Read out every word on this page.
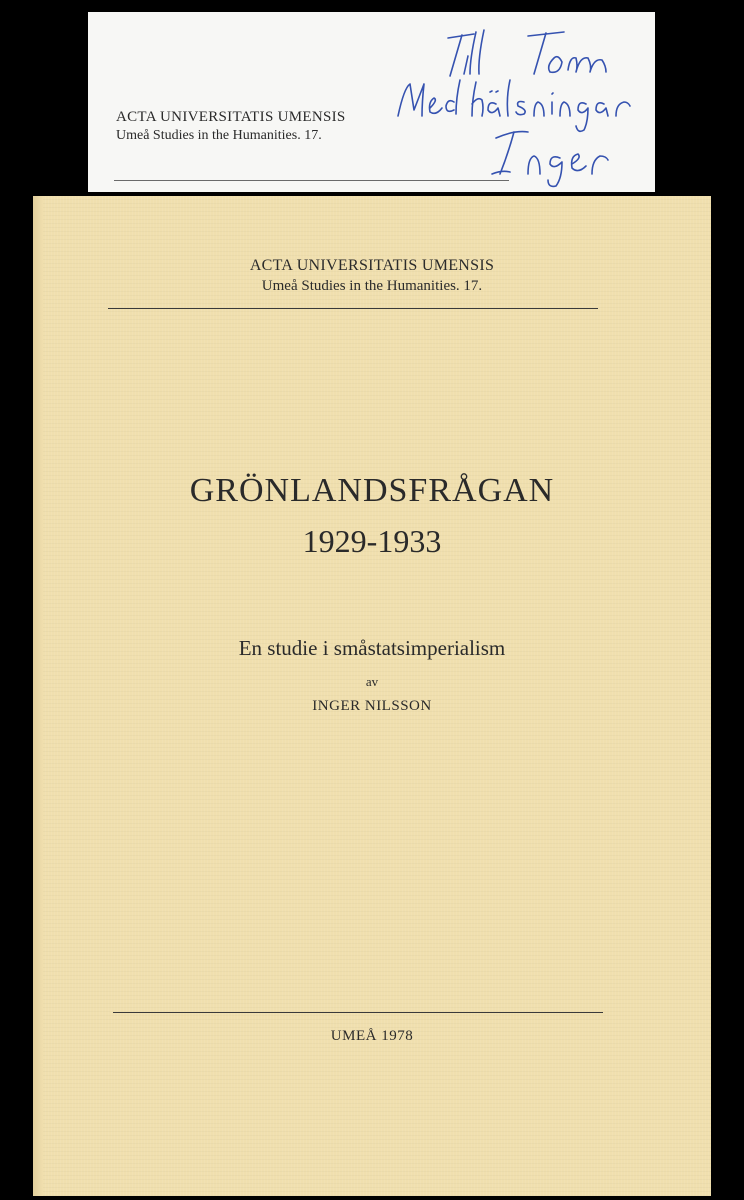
ACTA UNIVERSITATIS UMENSIS
Umeå Studies in the Humanities. 17.
ACTA UNIVERSITATIS UMENSIS
Umeå Studies in the Humanities. 17.
GRÖNLANDSFRÅGAN
1929-1933
En studie i småstatsimperialism
av
INGER NILSSON
UMEÅ 1978
